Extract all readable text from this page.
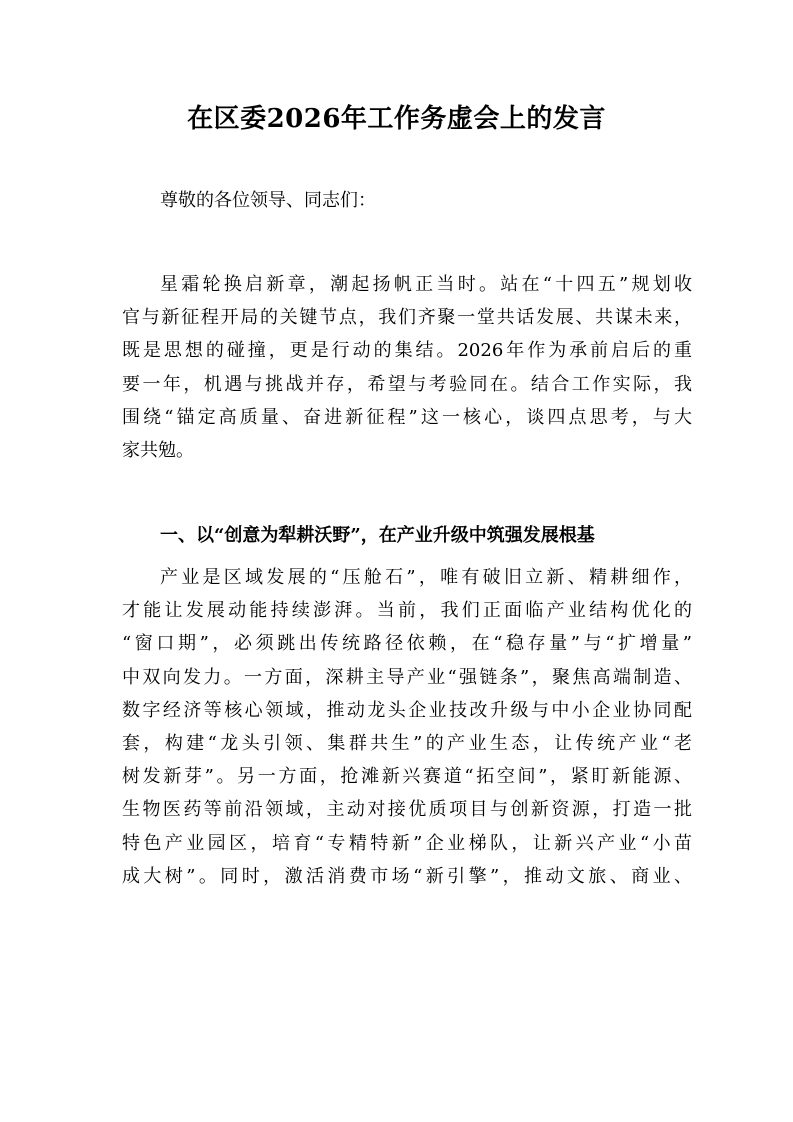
在区委2026年工作务虚会上的发言
尊敬的各位领导、同志们：
星霜轮换启新章，潮起扬帆正当时。站在“十四五”规划收
官与新征程开局的关键节点，我们齐聚一堂共话发展、共谋未来，
既是思想的碰撞，更是行动的集结。2026年作为承前启后的重
要一年，机遇与挑战并存，希望与考验同在。结合工作实际，我
围绕“锚定高质量、奋进新征程”这一核心，谈四点思考，与大
家共勉。
一、以“创意为犁耕沃野”，在产业升级中筑强发展根基
产业是区域发展的“压舱石”，唯有破旧立新、精耕细作，
才能让发展动能持续澎湃。当前，我们正面临产业结构优化的
“窗口期”，必须跳出传统路径依赖，在“稳存量”与“扩增量”
中双向发力。一方面，深耕主导产业“强链条”，聚焦高端制造、
数字经济等核心领域，推动龙头企业技改升级与中小企业协同配
套，构建“龙头引领、集群共生”的产业生态，让传统产业“老
树发新芽”。另一方面，抢滩新兴赛道“拓空间”，紧盯新能源、
生物医药等前沿领域，主动对接优质项目与创新资源，打造一批
特色产业园区，培育“专精特新”企业梯队，让新兴产业“小苗
成大树”。同时，激活消费市场“新引擎”，推动文旅、商业、
